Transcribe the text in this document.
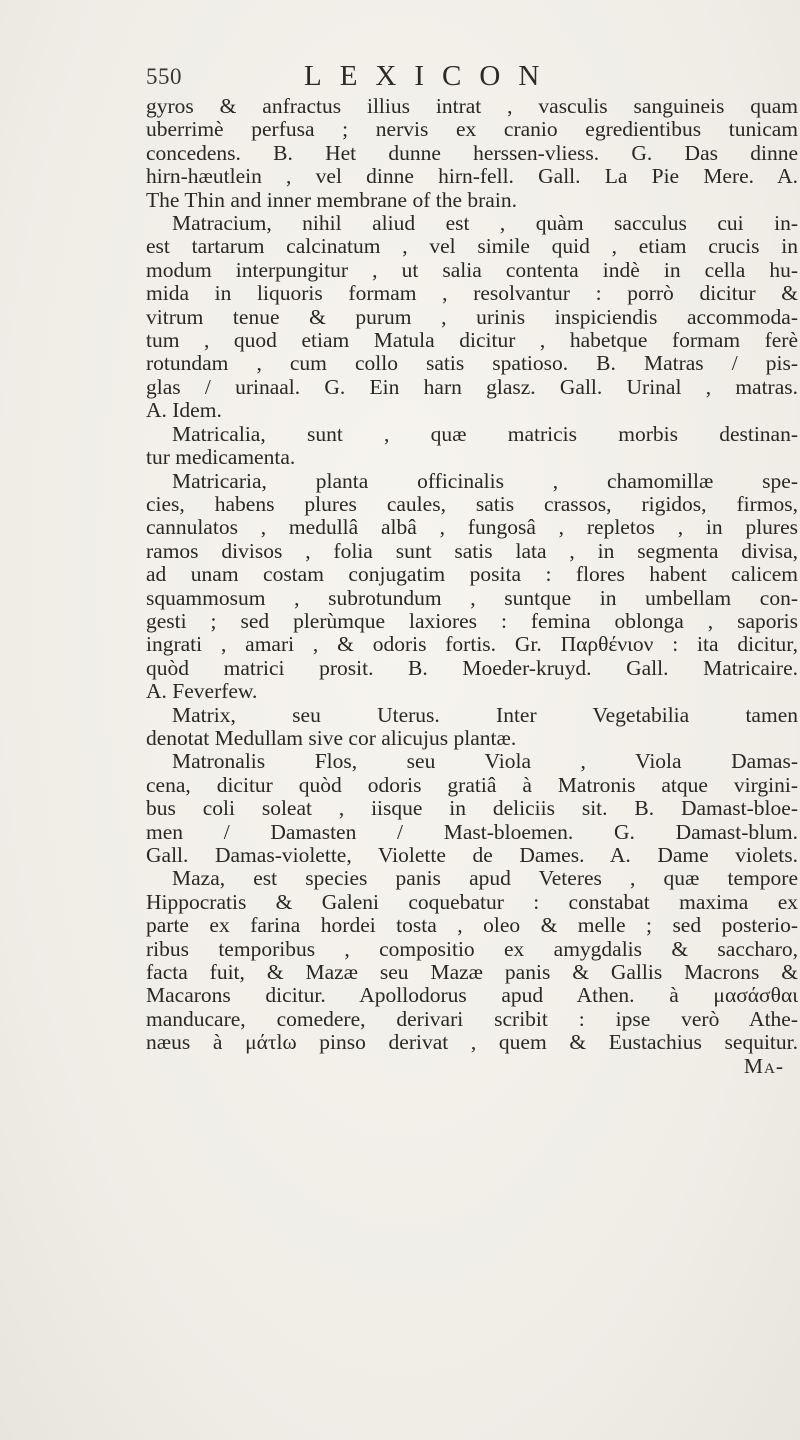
550	LEXICON
gyros & anfractus illius intrat , vasculis sanguineis quam
uberrimè perfusa ; nervis ex cranio egredientibus tunicam
concedens. B. Het dunne herssen-vliess. G. Das dinne
hirn-hæutlein , vel dinne hirn-fell. Gall. La Pie Mere. A.
The Thin and inner membrane of the brain.
Matracium, nihil aliud est , quàm sacculus cui in-
est tartarum calcinatum , vel simile quid , etiam crucis in
modum interpungitur , ut salia contenta indè in cella hu-
mida in liquoris formam , resolvantur : porrò dicitur &
vitrum tenue & purum , urinis inspiciendis accommoda-
tum , quod etiam Matula dicitur , habetque formam ferè
rotundam , cum collo satis spatioso. B. Matras / pis-
glas / urinaal. G. Ein harn glasz. Gall. Urinal , matras.
A. Idem.
Matricalia, sunt , quæ matricis morbis destinan-
tur medicamenta.
Matricaria, planta officinalis , chamomillæ spe-
cies, habens plures caules, satis crassos, rigidos, firmos,
cannulatos , medullâ albâ , fungosâ , repletos , in plures
ramos divisos , folia sunt satis lata , in segmenta divisa,
ad unam costam conjugatim posita : flores habent calicem
squammosum , subrotundum , suntque in umbellam con-
gesti ; sed plerùmque laxiores : femina oblonga , saporis
ingrati , amari , & odoris fortis. Gr. Παρθένιον : ita dicitur,
quòd matrici prosit. B. Moeder-kruyd. Gall. Matricaire.
A. Feverfew.
Matrix, seu Uterus. Inter Vegetabilia tamen
denotat Medullam sive cor alicujus plantæ.
Matronalis Flos, seu Viola , Viola Damas-
cena, dicitur quòd odoris gratiâ à Matronis atque virgini-
bus coli soleat , iisque in deliciis sit. B. Damast-bloe-
men / Damasten / Mast-bloemen. G. Damast-blum.
Gall. Damas-violette, Violette de Dames. A. Dame violets.
Maza, est species panis apud Veteres , quæ tempore
Hippocratis & Galeni coquebatur : constabat maxima ex
parte ex farina hordei tosta , oleo & melle ; sed posterio-
ribus temporibus , compositio ex amygdalis & saccharo,
facta fuit, & Mazæ seu Mazæ panis & Gallis Macrons &
Macarons dicitur. Apollodorus apud Athen. à μασάσθαι
manducare, comedere, derivari scribit : ipse verò Athe-
næus à μάτlω pinso derivat , quem & Eustachius sequitur.
Ma-
